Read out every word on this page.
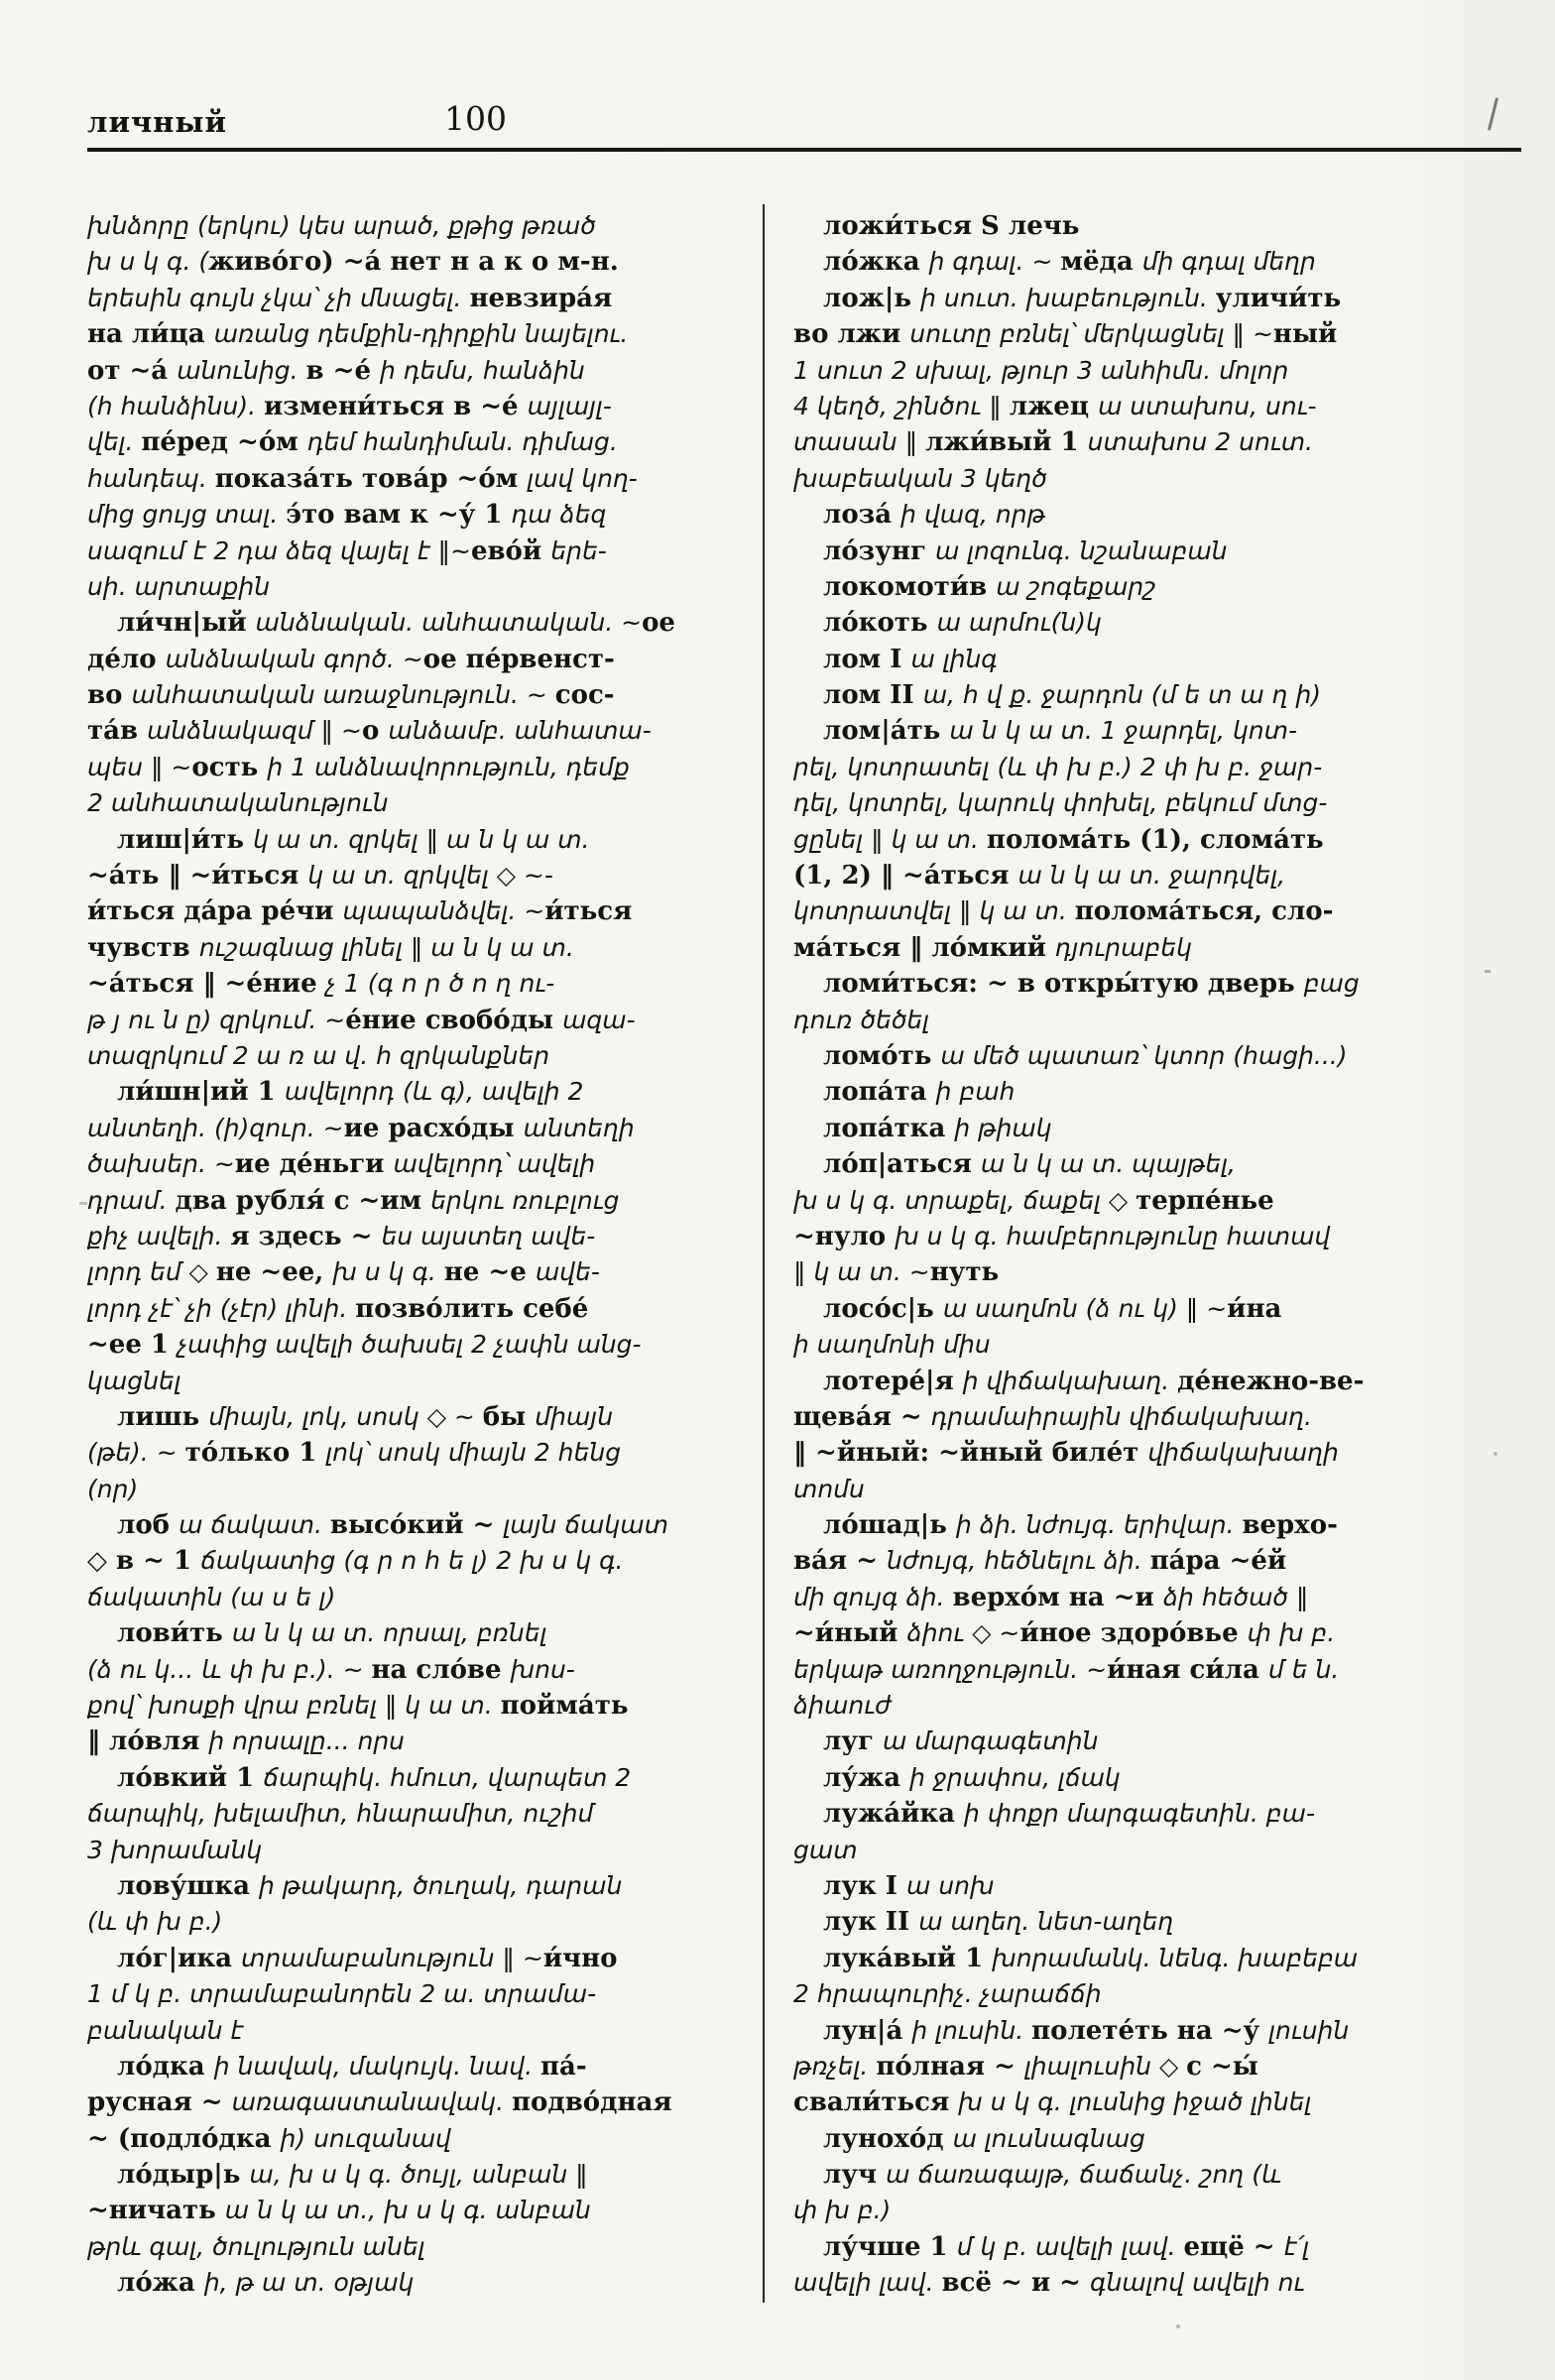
личный	100
խնձորը (երկու) կես արած, քթից թռած
խ ս կ գ. (живо́го) ~а́ нет н а к о м-н.
երեսին գույն չկա՝ չի մնացել. невзира́я
на ли́ца առանց դեմքին-դիրքին նայելու.
от ~а́ անունից. в ~е́ ի դեմս, հանձին
(հ հանձինս). измени́ться в ~е́ այլայլ-
վել. пе́ред ~о́м դեմ հանդիման. դիմաց.
հանդեպ. показа́ть това́р ~о́м լավ կող-
մից ցույց տալ. э́то вам к ~у́ 1 դա ձեզ
սազում է 2 դա ձեզ վայել է ‖~ево́й երե-
սի. արտաքին
ли́чн|ый անձնական. անհատական. ~ое
де́ло անձնական գործ. ~ое пе́рвенст-
во անհատական առաջնություն. ~ сос-
та́в անձնակազմ ‖ ~о անձամբ. անհատա-
պես ‖ ~ость ի 1 անձնավորություն, դեմք
2 անհատականություն
лиш|и́ть կ ա տ. զրկել ‖ ա ն կ ա տ.
~а́ть ‖ ~и́ться կ ա տ. զրկվել ◇ ~-
и́ться да́ра ре́чи պապանձվել. ~и́ться
чувств ուշագնաց լինել ‖ ա ն կ ա տ.
~а́ться ‖ ~е́ние չ 1 (գ ո ր ծ ո ղ ու-
թ յ ու ն ը) զրկում. ~е́ние свобо́ды ազա-
տազրկում 2 ա ռ ա վ. հ զրկանքներ
ли́шн|ий 1 ավելորդ (և գ), ավելի 2
անտեղի. (ի)զուր. ~ие расхо́ды անտեղի
ծախսեր. ~ие де́ньги ավելորդ՝ ավելի
դրամ. два рубля́ с ~им երկու ռուբլուց
քիչ ավելի. я здесь ~ ես այստեղ ավե-
լորդ եմ ◇ не ~ее, խ ս կ գ. не ~е ավե-
լորդ չէ՝ չի (չէր) լինի. позво́лить себе́
~ее 1 չափից ավելի ծախսել 2 չափն անց-
կացնել
лишь միայն, լոկ, սոսկ ◇ ~ бы միայն
(թե). ~ то́лько 1 լոկ՝ սոսկ միայն 2 հենց
(որ)
лоб ա ճակատ. высо́кий ~ լայն ճակատ
◇ в ~ 1 ճակատից (գ ր ո հ ե լ) 2 խ ս կ գ.
ճակատին (ա ս ե լ)
лови́ть ա ն կ ա տ. որսալ, բռնել
(ձ ու կ... և փ խ բ.). ~ на сло́ве խոս-
քով՝ խոսքի վրա բռնել ‖ կ ա տ. пойма́ть
‖ ло́вля ի որսալը... որս
ло́вкий 1 ճարպիկ. հմուտ, վարպետ 2
ճարպիկ, խելամիտ, հնարամիտ, ուշիմ
3 խորամանկ
лову́шка ի թակարդ, ծուղակ, դարան
(և փ խ բ.)
ло́г|ика տրամաբանություն ‖ ~и́чно
1 մ կ բ. տրամաբանորեն 2 ա. տրամա-
բանական է
ло́дка ի նավակ, մակույկ. նավ. па́-
русная ~ առագաստանավակ. подво́дная
~ (подло́дка ի) սուզանավ
ло́дыр|ь ա, խ ս կ գ. ծույլ, անբան ‖
~ничать ա ն կ ա տ., խ ս կ գ. անբան
թրև գալ, ծուլություն անել
ло́жа ի, թ ա տ. օթյակ
ложи́ться S лечь
ло́жка ի գդալ. ~ мёда մի գդալ մեղր
лож|ь ի սուտ. խաբեություն. уличи́ть
во лжи սուտը բռնել՝ մերկացնել ‖ ~ный
1 սուտ 2 սխալ, թյուր 3 անհիմն. մոլոր
4 կեղծ, շինծու ‖ лжец ա ստախոս, սու-
տասան ‖ лжи́вый 1 ստախոս 2 սուտ.
խաբեական 3 կեղծ
лоза́ ի վազ, որթ
ло́зунг ա լոզունգ. նշանաբան
локомоти́в ա շոգեքարշ
ло́коть ա արմու(ն)կ
лом I ա լինգ
лом II ա, հ վ ք. ջարդոն (մ ե տ ա ղ ի)
лом|а́ть ա ն կ ա տ. 1 ջարդել, կոտ-
րել, կոտրատել (և փ խ բ.) 2 փ խ բ. ջար-
դել, կոտրել, կարուկ փոխել, բեկում մտց-
ցընել ‖ կ ա տ. полома́ть (1), слома́ть
(1, 2) ‖ ~а́ться ա ն կ ա տ. ջարդվել,
կոտրատվել ‖ կ ա տ. полома́ться, сло-
ма́ться ‖ ло́мкий դյուրաբեկ
ломи́ться: ~ в откры́тую дверь բաց
դուռ ծեծել
ломо́ть ա մեծ պատառ՝ կտոր (հացի...)
лопа́та ի բահ
лопа́тка ի թիակ
ло́п|аться ա ն կ ա տ. պայթել,
խ ս կ գ. տրաքել, ճաքել ◇ терпе́нье
~нуло խ ս կ գ. համբերությունը հատավ
‖ կ ա տ. ~нуть
лосо́с|ь ա սաղմոն (ձ ու կ) ‖ ~и́на
ի սաղմոնի միս
лотере́|я ի վիճակախաղ. де́нежно-ве-
щева́я ~ դրամաիրային վիճակախաղ.
‖ ~йный: ~йный биле́т վիճակախաղի
տոմս
ло́шад|ь ի ձի. նժույգ. երիվար. верхо-
ва́я ~ նժույգ, հեծնելու ձի. па́ра ~е́й
մի զույգ ձի. верхо́м на ~и ձի հեծած ‖
~и́ный ձիու ◇ ~и́ное здоро́вье փ խ բ.
երկաթ առողջություն. ~и́ная си́ла մ ե ն.
ձիաուժ
луг ա մարգագետին
лу́жа ի ջրափոս, լճակ
лужа́йка ի փոքր մարգագետին. բա-
ցատ
лук I ա սոխ
лук II ա աղեղ. նետ-աղեղ
лука́вый 1 խորամանկ. նենգ. խաբեբա
2 հրապուրիչ. չարաճճի
лун|а́ ի լուսին. полете́ть на ~у́ լուսին
թռչել. по́лная ~ լիալուսին ◇ с ~ы́
свали́ться խ ս կ գ. լուսնից իջած լինել
лунохо́д ա լուսնագնաց
луч ա ճառագայթ, ճաճանչ. շող (և
փ խ բ.)
лу́чше 1 մ կ բ. ավելի լավ. ещё ~ է՛լ
ավելի լավ. всё ~ и ~ գնալով ավելի ու
